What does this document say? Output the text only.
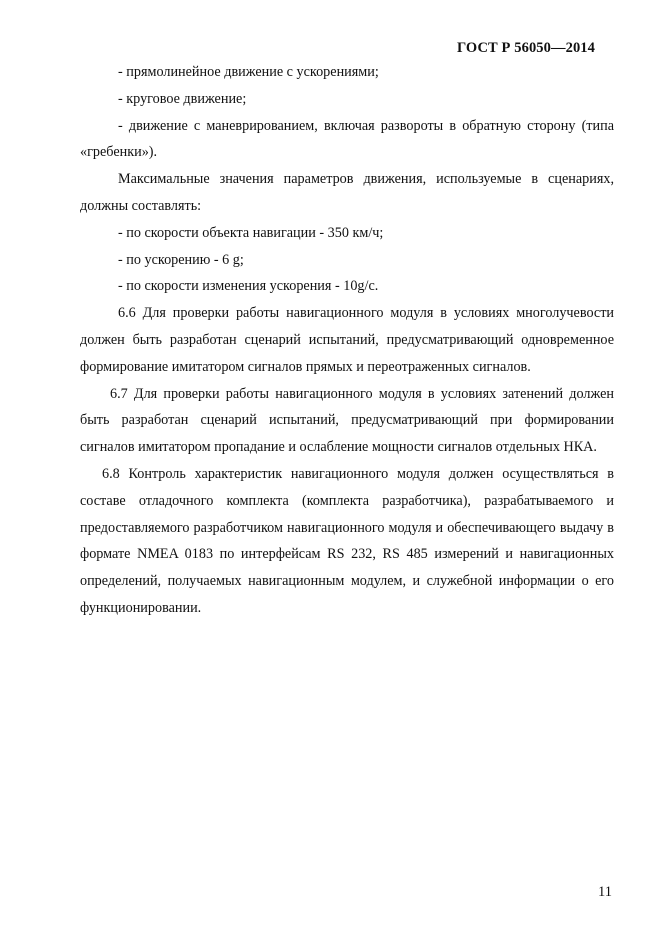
ГОСТ Р 56050—2014

- прямолинейное движение с ускорениями;

- круговое движение;

- движение с маневрированием, включая развороты в обратную сторону (типа «гребенки»).

Максимальные значения параметров движения, используемые в сценариях, должны составлять:

- по скорости объекта навигации - 350 км/ч;

- по ускорению - 6 g;

- по скорости изменения ускорения - 10g/c.

6.6 Для проверки работы навигационного модуля в условиях многолучевости должен быть разработан сценарий испытаний, предусматривающий одновременное формирование имитатором сигналов прямых и переотраженных сигналов.

6.7 Для проверки работы навигационного модуля в условиях затенений должен быть разработан сценарий испытаний, предусматривающий при формировании сигналов имитатором пропадание и ослабление мощности сигналов отдельных НКА.

6.8 Контроль характеристик навигационного модуля должен осуществляться в составе отладочного комплекта (комплекта разработчика), разрабатываемого и предоставляемого разработчиком навигационного модуля и обеспечивающего выдачу в формате NMEA 0183 по интерфейсам RS 232, RS 485 измерений и навигационных определений, получаемых навигационным модулем, и служебной информации о его функционировании.

11
